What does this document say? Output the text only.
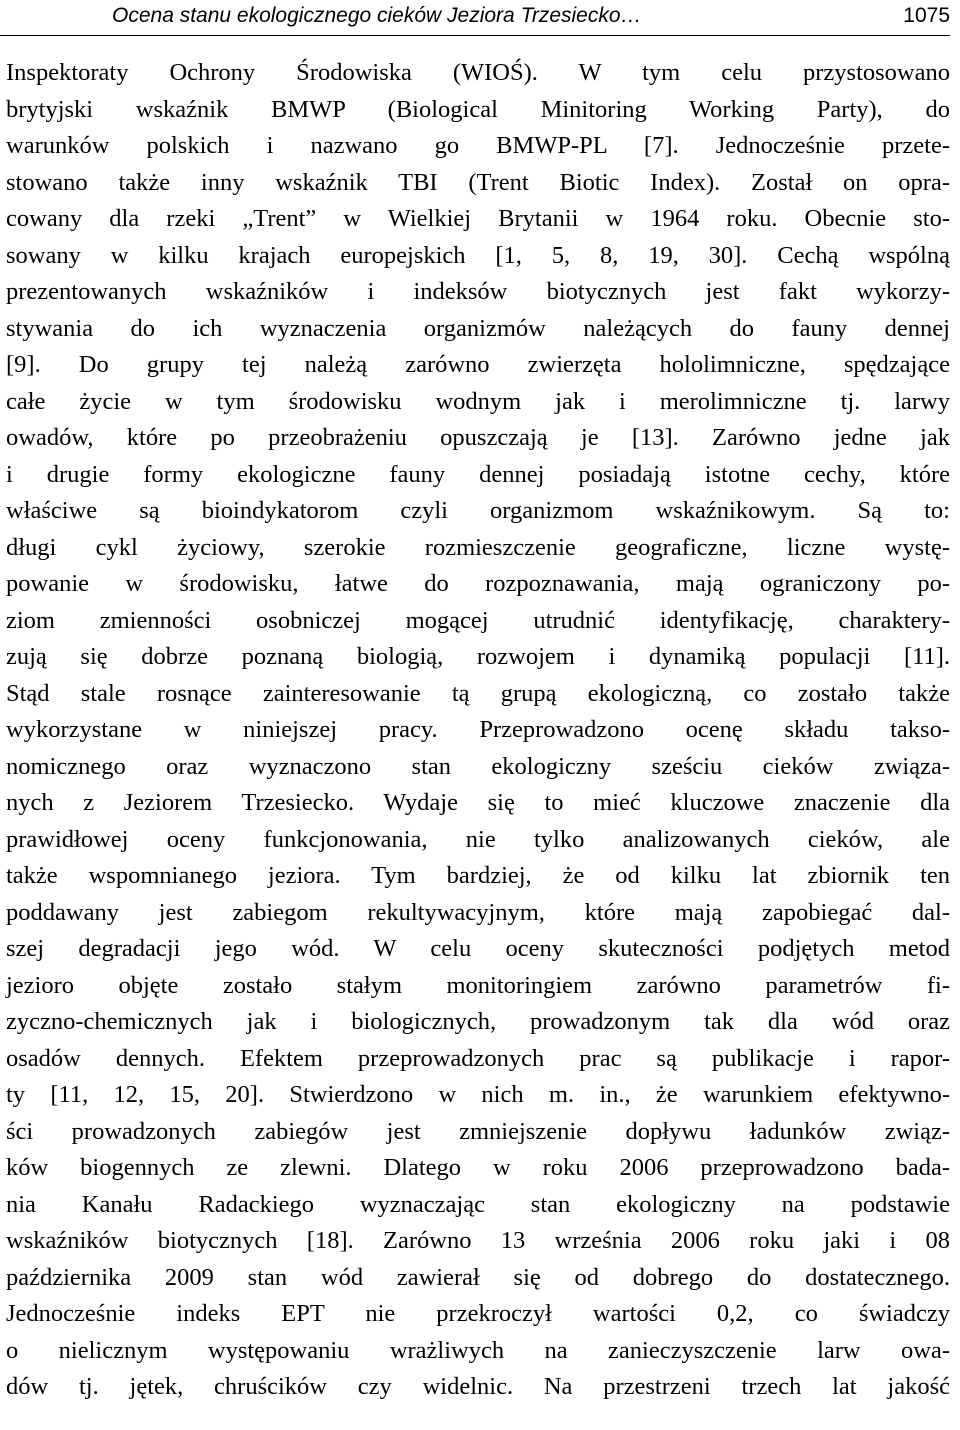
Ocena stanu ekologicznego cieków Jeziora Trzesiecko…	1075
Inspektoraty Ochrony Środowiska (WIOŚ). W tym celu przystosowano
brytyjski wskaźnik BMWP (Biological Minitoring Working Party), do
warunków polskich i nazwano go BMWP-PL [7]. Jednocześnie przete-
stowano także inny wskaźnik TBI (Trent Biotic Index). Został on opra-
cowany dla rzeki „Trent” w Wielkiej Brytanii w 1964 roku. Obecnie sto-
sowany w kilku krajach europejskich [1, 5, 8, 19, 30]. Cechą wspólną
prezentowanych wskaźników i indeksów biotycznych jest fakt wykorzy-
stywania do ich wyznaczenia organizmów należących do fauny dennej
[9]. Do grupy tej należą zarówno zwierzęta hololimniczne, spędzające
całe życie w tym środowisku wodnym jak i merolimniczne tj. larwy
owadów, które po przeobrażeniu opuszczają je [13]. Zarówno jedne jak
i drugie formy ekologiczne fauny dennej posiadają istotne cechy, które
właściwe są bioindykatorom czyli organizmom wskaźnikowym. Są to:
długi cykl życiowy, szerokie rozmieszczenie geograficzne, liczne wystę-
powanie w środowisku, łatwe do rozpoznawania, mają ograniczony po-
ziom zmienności osobniczej mogącej utrudnić identyfikację, charaktery-
zują się dobrze poznaną biologią, rozwojem i dynamiką populacji [11].
Stąd stale rosnące zainteresowanie tą grupą ekologiczną, co zostało także
wykorzystane w niniejszej pracy. Przeprowadzono ocenę składu takso-
nomicznego oraz wyznaczono stan ekologiczny sześciu cieków związa-
nych z Jeziorem Trzesiecko. Wydaje się to mieć kluczowe znaczenie dla
prawidłowej oceny funkcjonowania, nie tylko analizowanych cieków, ale
także wspomnianego jeziora. Tym bardziej, że od kilku lat zbiornik ten
poddawany jest zabiegom rekultywacyjnym, które mają zapobiegać dal-
szej degradacji jego wód. W celu oceny skuteczności podjętych metod
jezioro objęte zostało stałym monitoringiem zarówno parametrów fi-
zyczno-chemicznych jak i biologicznych, prowadzonym tak dla wód oraz
osadów dennych. Efektem przeprowadzonych prac są publikacje i rapor-
ty [11, 12, 15, 20]. Stwierdzono w nich m. in., że warunkiem efektywno-
ści prowadzonych zabiegów jest zmniejszenie dopływu ładunków związ-
ków biogennych ze zlewni. Dlatego w roku 2006 przeprowadzono bada-
nia Kanału Radackiego wyznaczając stan ekologiczny na podstawie
wskaźników biotycznych [18]. Zarówno 13 września 2006 roku jaki i 08
października 2009 stan wód zawierał się od dobrego do dostatecznego.
Jednocześnie indeks EPT nie przekroczył wartości 0,2, co świadczy
o nielicznym występowaniu wrażliwych na zanieczyszczenie larw owa-
dów tj. jętek, chruścików czy widelnic. Na przestrzeni trzech lat jakość
